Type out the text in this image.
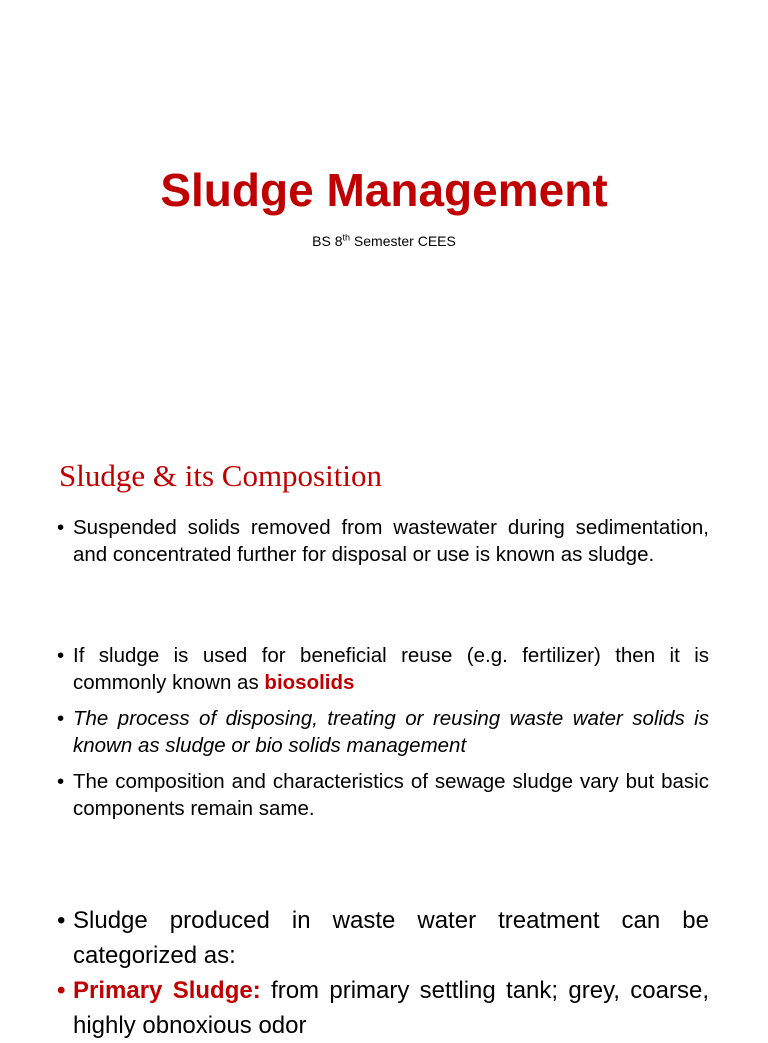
Sludge Management
BS 8th Semester CEES
Sludge & its Composition
• Suspended solids removed from wastewater during sedimentation, and concentrated further for disposal or use is known as sludge.
• If sludge is used for beneficial reuse (e.g. fertilizer) then it is commonly known as biosolids
• The process of disposing, treating or reusing waste water solids is known as sludge or bio solids management
• The composition and characteristics of sewage sludge vary but basic components remain same.
• Sludge produced in waste water treatment can be categorized as:
• Primary Sludge: from primary settling tank; grey, coarse, highly obnoxious odor
